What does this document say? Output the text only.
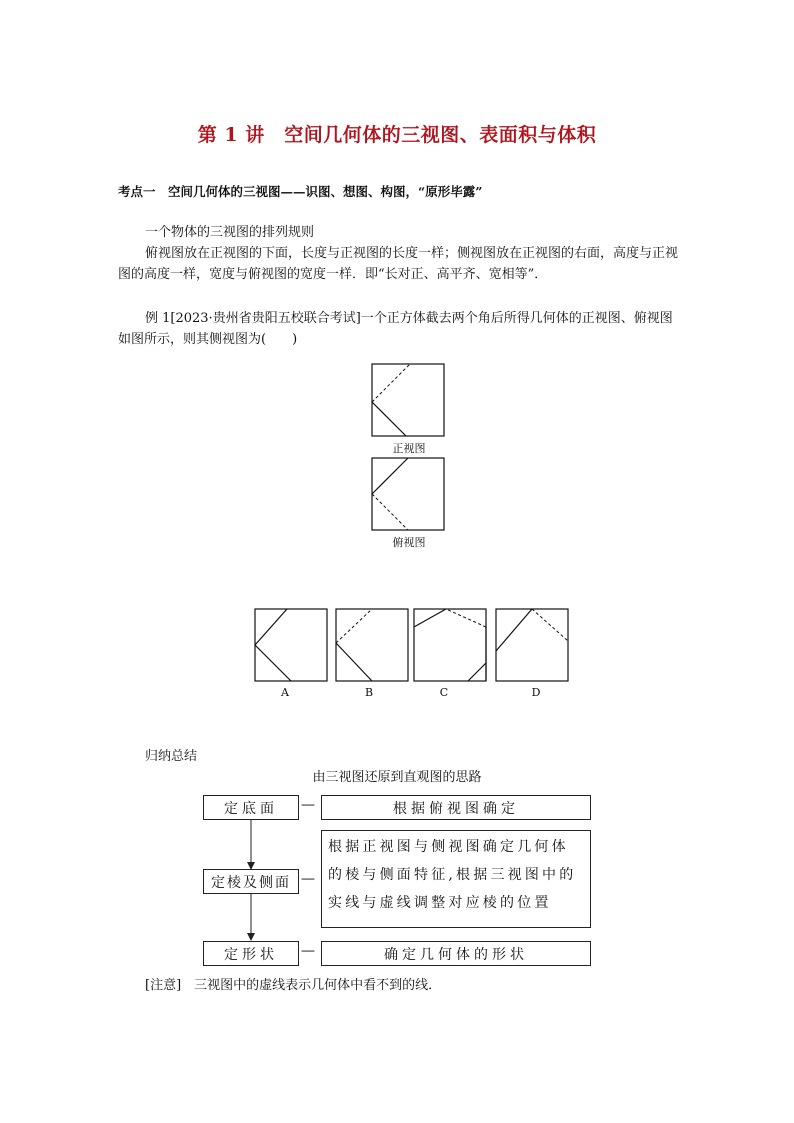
第 1 讲　空间几何体的三视图、表面积与体积
考点一　空间几何体的三视图——识图、想图、构图，“原形毕露”
一个物体的三视图的排列规则
俯视图放在正视图的下面，长度与正视图的长度一样；侧视图放在正视图的右面，高度与正视图的高度一样，宽度与俯视图的宽度一样．即“长对正、高平齐、宽相等”．
例 1[2023·贵州省贵阳五校联合考试]一个正方体截去两个角后所得几何体的正视图、俯视图如图所示，则其侧视图为(　　)
正视图
俯视图
A	B	C	D
归纳总结
由三视图还原到直观图的思路
定底面	—	根据俯视图确定
定棱及侧面 —
根据正视图与侧视图确定几何体的棱与侧面特征,根据三视图中的实线与虚线调整对应棱的位置
定形状	—	确定几何体的形状
[注意]　三视图中的虚线表示几何体中看不到的线．
